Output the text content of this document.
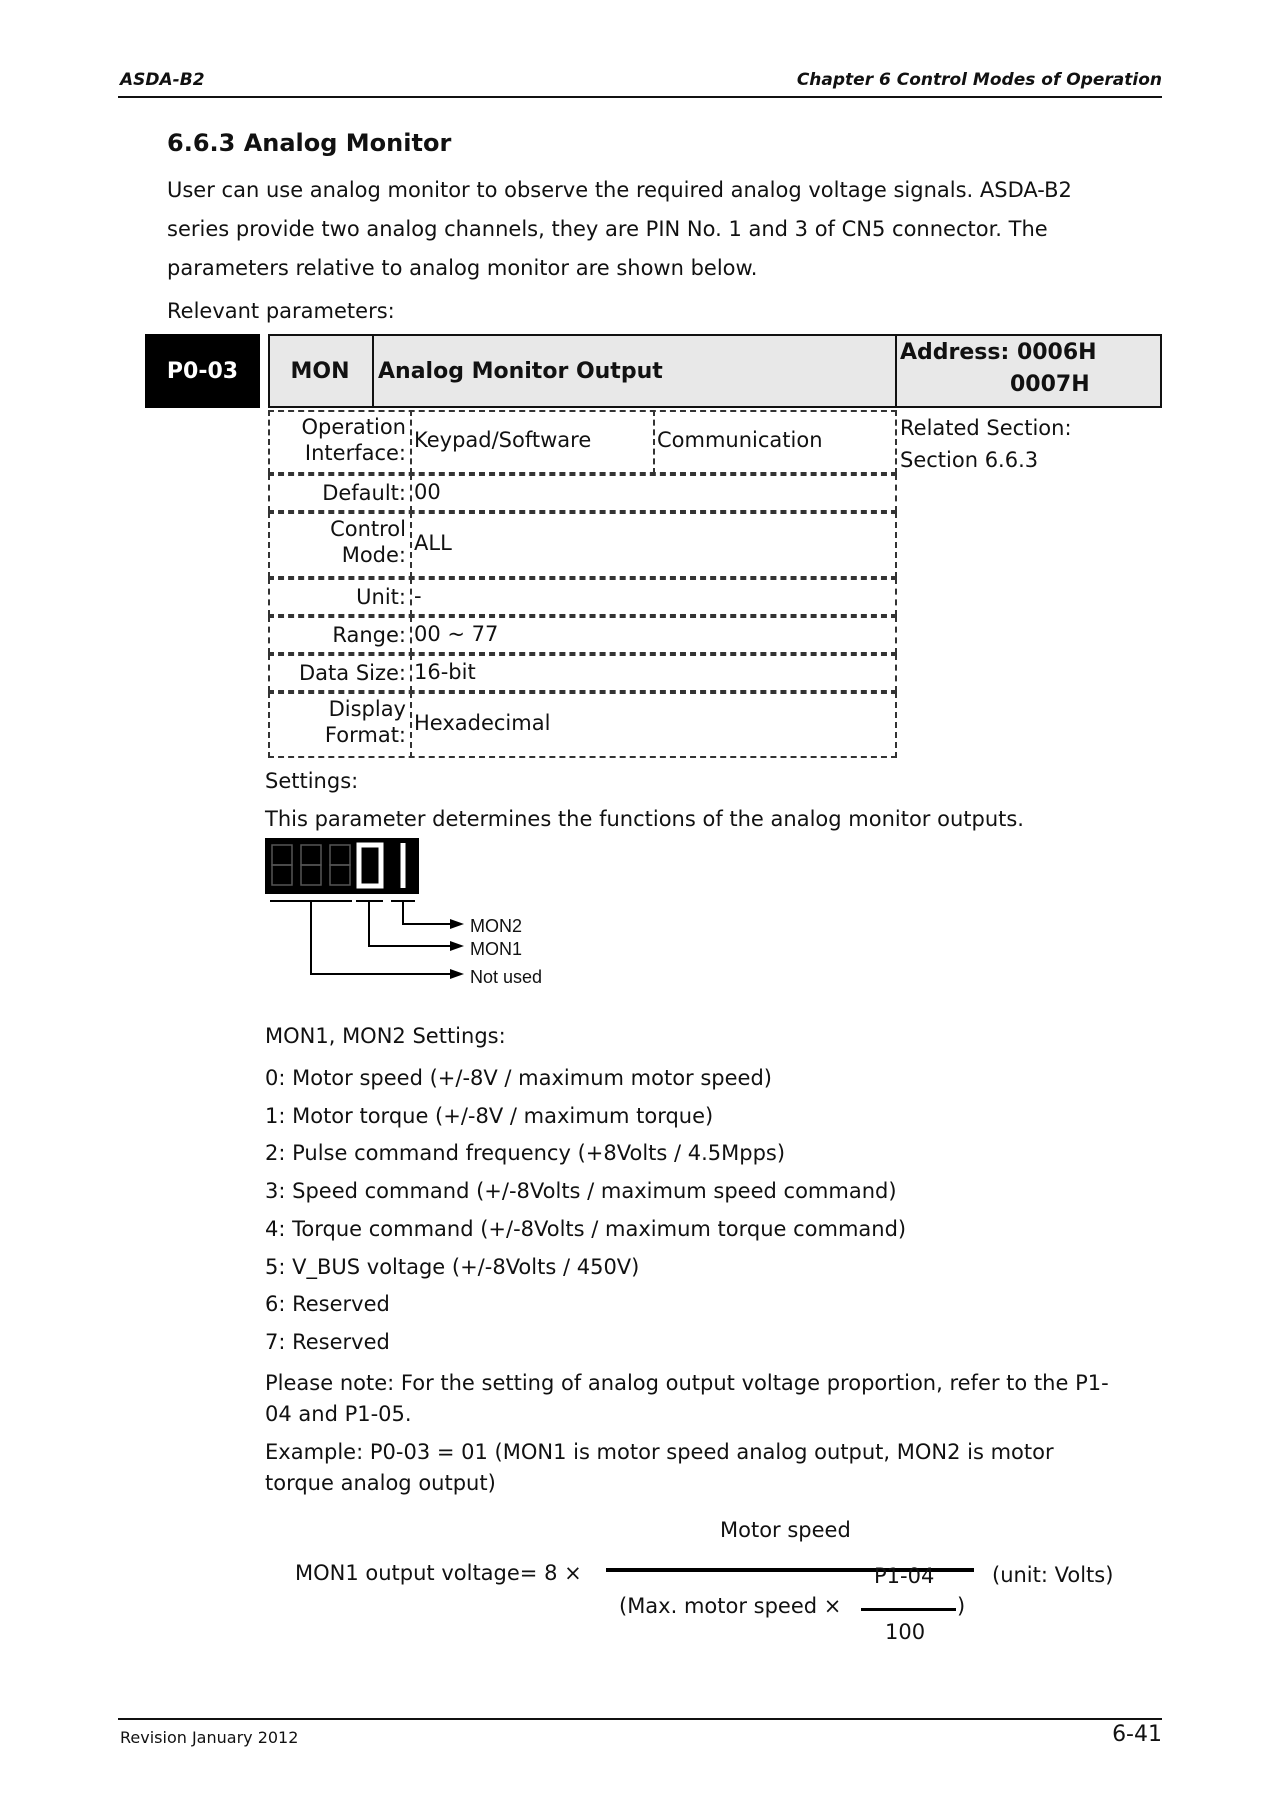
ASDA-B2	Chapter 6 Control Modes of Operation
6.6.3 Analog Monitor
User can use analog monitor to observe the required analog voltage signals. ASDA-B2
series provide two analog channels, they are PIN No. 1 and 3 of CN5 connector. The
parameters relative to analog monitor are shown below.
Relevant parameters:
P0-03	MON	Analog Monitor Output
Address: 0006H
0007H
Related Section:
Section 6.6.3
Operation
Interface:
Keypad/Software	Communication
Default: 00
Control
Mode: ALL
Unit: -
Range: 00 ~ 77
Data Size: 16-bit
Display
Format: Hexadecimal
Settings:
This parameter determines the functions of the analog monitor outputs.
MON2
MON1
Not used
MON1, MON2 Settings:
0: Motor speed (+/-8V / maximum motor speed)
1: Motor torque (+/-8V / maximum torque)
2: Pulse command frequency (+8Volts / 4.5Mpps)
3: Speed command (+/-8Volts / maximum speed command)
4: Torque command (+/-8Volts / maximum torque command)
5: V_BUS voltage (+/-8Volts / 450V)
6: Reserved
7: Reserved
Please note: For the setting of analog output voltage proportion, refer to the P1-
04 and P1-05.
Example: P0-03 = 01 (MON1 is motor speed analog output, MON2 is motor
torque analog output)
MON1 output voltage= 8 ×
Motor speed
(Max. motor speed ×
P1-04
)
100
(unit: Volts)
Revision January 2012	6-41
